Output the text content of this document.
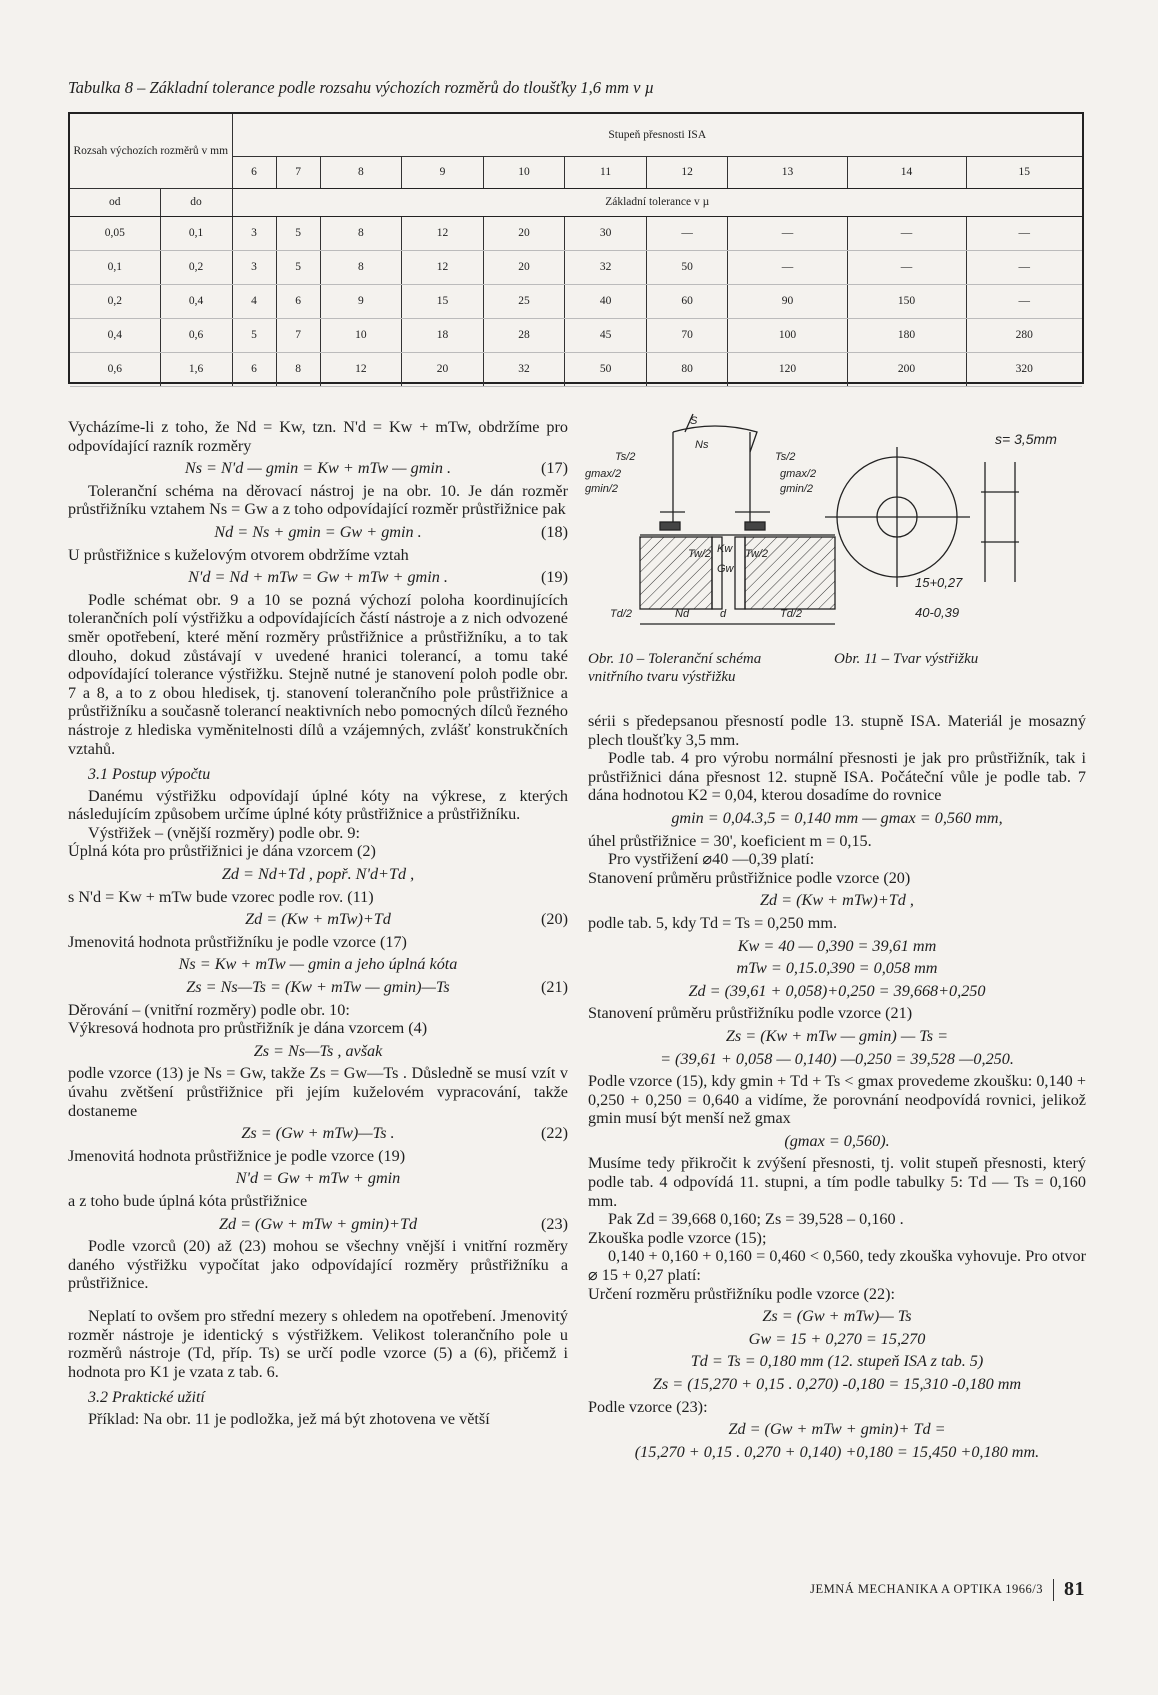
Tabulka 8 – Základní tolerance podle rozsahu výchozích rozměrů do tloušťky 1,6 mm v µ
Rozsah výchozích rozměrů v mm		Stupeň přesnosti ISA									
		6	7	8	9	10	11	12	13	14	15
od	do	Základní tolerance v µ									
0,05	0,1	3	5	8	12	20	30	—	—	—	—
0,1	0,2	3	5	8	12	20	32	50	—	—	—
0,2	0,4	4	6	9	15	25	40	60	90	150	—
0,4	0,6	5	7	10	18	28	45	70	100	180	280
0,6	1,6	6	8	12	20	32	50	80	120	200	320

Vycházíme-li z toho, že Nd = Kw, tzn. N'd = Kw + mTw, obdržíme pro odpovídající razník rozměry

Ns = N'd — gmin = Kw + mTw — gmin .	(17)

Toleranční schéma na děrovací nástroj je na obr. 10. Je dán rozměr průstřižníku vztahem Ns = Gw a z toho odpovídající rozměr průstřižnice pak

Nd = Ns + gmin = Gw + gmin .	(18)

U průstřižnice s kuželovým otvorem obdržíme vztah

N'd = Nd + mTw = Gw + mTw + gmin .	(19)

Podle schémat obr. 9 a 10 se pozná výchozí poloha koordinujících tolerančních polí výstřižku a odpovídajících částí nástroje a z nich odvozené směr opotřebení, které mění rozměry průstřižnice a průstřižníku, a to tak dlouho, dokud zůstávají v uvedené hranici tolerancí, a tomu také odpovídající tolerance výstřižku. Stejně nutné je stanovení poloh podle obr. 7 a 8, a to z obou hledisek, tj. stanovení tolerančního pole průstřižnice a průstřižníku a současně tolerancí neaktivních nebo pomocných dílců řezného nástroje z hlediska vyměnitelnosti dílů a vzájemných, zvlášť konstrukčních vztahů.

3.1 Postup výpočtu

Danému výstřižku odpovídají úplné kóty na výkrese, z kterých následujícím způsobem určíme úplné kóty průstřižnice a průstřižníku.

Výstřižek – (vnější rozměry) podle obr. 9:

Úplná kóta pro průstřižnici je dána vzorcem (2)

Zd = Nd+Td , popř. N'd+Td ,

s N'd = Kw + mTw bude vzorec podle rov. (11)

Zd = (Kw + mTw)+Td	(20)

Jmenovitá hodnota průstřižníku je podle vzorce (17)

Ns = Kw + mTw — gmin a jeho úplná kóta
Zs = Ns—Ts = (Kw + mTw — gmin)—Ts	(21)

Děrování – (vnitřní rozměry) podle obr. 10:

Výkresová hodnota pro průstřižník je dána vzorcem (4)

Zs = Ns—Ts , avšak

podle vzorce (13) je Ns = Gw, takže Zs = Gw—Ts . Důsledně se musí vzít v úvahu zvětšení průstřižnice při jejím kuželovém vypracování, takže dostaneme

Zs = (Gw + mTw)—Ts .	(22)

Jmenovitá hodnota průstřižnice je podle vzorce (19)

N'd = Gw + mTw + gmin

a z toho bude úplná kóta průstřižnice

Zd = (Gw + mTw + gmin)+Td	(23)

Podle vzorců (20) až (23) mohou se všechny vnější i vnitřní rozměry daného výstřižku vypočítat jako odpovídající rozměry průstřižníku a průstřižnice.

Neplatí to ovšem pro střední mezery s ohledem na opotřebení. Jmenovitý rozměr nástroje je identický s výstřižkem. Velikost tolerančního pole u rozměrů nástroje (Td, příp. Ts) se určí podle vzorce (5) a (6), přičemž i hodnota pro K1 je vzata z tab. 6.

3.2 Praktické užití

Příklad: Na obr. 11 je podložka, jež má být zhotovena ve větší

S
Ns
Ts/2	Ts/2
gmax/2
gmin/2
gmax/2
gmin/2
Tw/2	Tw/2
Kw
Gw
Td/2	Td/2
Nd	d
s= 3,5mm
15+0,27
40-0,39
Obr. 10 – Toleranční schéma vnitřního tvaru výstřižku
Obr. 11 – Tvar výstřižku

sérii s předepsanou přesností podle 13. stupně ISA. Materiál je mosazný plech tloušťky 3,5 mm.

Podle tab. 4 pro výrobu normální přesnosti je jak pro průstřižník, tak i průstřižnici dána přesnost 12. stupně ISA. Počáteční vůle je podle tab. 7 dána hodnotou K2 = 0,04, kterou dosadíme do rovnice

gmin = 0,04.3,5 = 0,140 mm — gmax = 0,560 mm,

úhel průstřižnice = 30', koeficient m = 0,15.

Pro vystřižení ⌀40 —0,39 platí:

Stanovení průměru průstřižnice podle vzorce (20)

Zd = (Kw + mTw)+Td ,

podle tab. 5, kdy Td = Ts = 0,250 mm.

Kw = 40 — 0,390 = 39,61 mm
mTw = 0,15.0,390 = 0,058 mm
Zd = (39,61 + 0,058)+0,250 = 39,668+0,250

Stanovení průměru průstřižníku podle vzorce (21)

Zs = (Kw + mTw — gmin) — Ts =
= (39,61 + 0,058 — 0,140) —0,250 = 39,528 —0,250.

Podle vzorce (15), kdy gmin + Td + Ts < gmax provedeme zkoušku: 0,140 + 0,250 + 0,250 = 0,640 a vidíme, že porovnání neodpovídá rovnici, jelikož gmin musí být menší než gmax

(gmax = 0,560).

Musíme tedy přikročit k zvýšení přesnosti, tj. volit stupeň přesnosti, který podle tab. 4 odpovídá 11. stupni, a tím podle tabulky 5: Td — Ts = 0,160 mm.

Pak Zd = 39,668 0,160; Zs = 39,528 – 0,160 .

Zkouška podle vzorce (15);

0,140 + 0,160 + 0,160 = 0,460 < 0,560, tedy zkouška vyhovuje. Pro otvor ⌀ 15 + 0,27 platí:

Určení rozměru průstřižníku podle vzorce (22):

Zs = (Gw + mTw)— Ts
Gw = 15 + 0,270 = 15,270
Td = Ts = 0,180 mm (12. stupeň ISA z tab. 5)
Zs = (15,270 + 0,15 . 0,270) -0,180 = 15,310 -0,180 mm

Podle vzorce (23):

Zd = (Gw + mTw + gmin)+ Td =
(15,270 + 0,15 . 0,270 + 0,140) +0,180 = 15,450 +0,180 mm.
JEMNÁ MECHANIKA A OPTIKA 1966/3 81
